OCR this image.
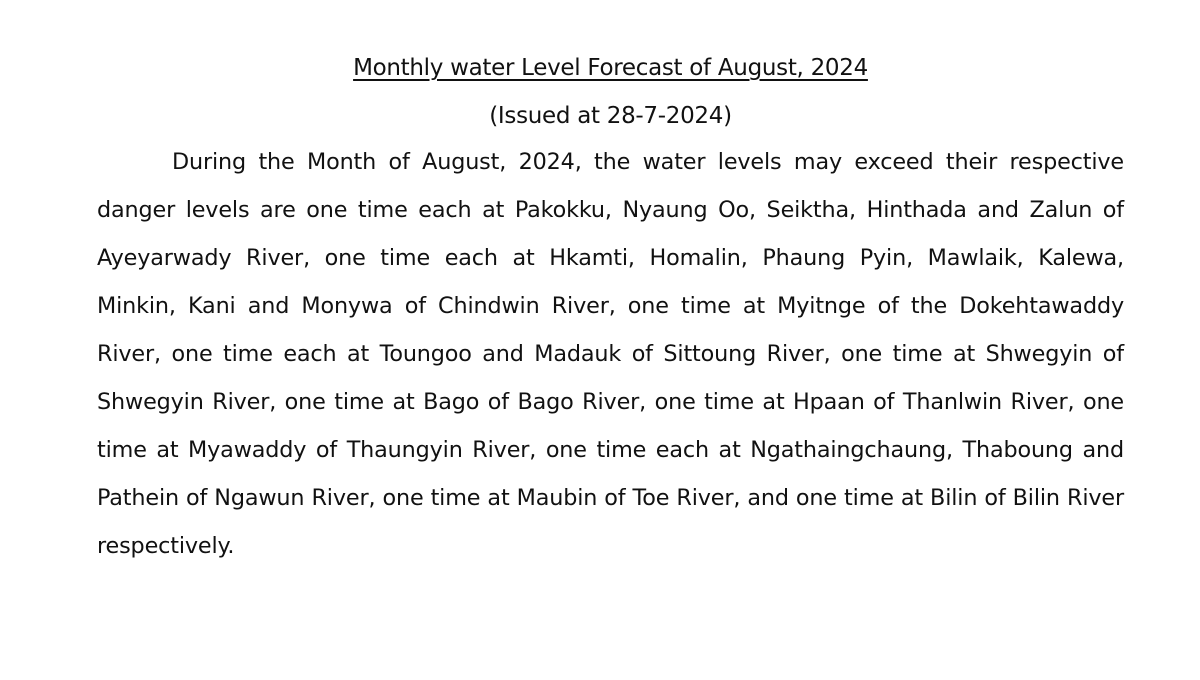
Monthly water Level Forecast of August, 2024
(Issued at 28-7-2024)

During the Month of August, 2024, the water levels may exceed their respective danger levels are one time each at Pakokku, Nyaung Oo, Seiktha, Hinthada and Zalun of Ayeyarwady River, one time each at Hkamti, Homalin, Phaung Pyin, Mawlaik, Kalewa, Minkin, Kani and Monywa of Chindwin River, one time at Myitnge of the Dokehtawaddy River, one time each at Toungoo and Madauk of Sittoung River, one time at Shwegyin of Shwegyin River, one time at Bago of Bago River, one time at Hpaan of Thanlwin River, one time at Myawaddy of Thaungyin River, one time each at Ngathaingchaung, Thaboung and Pathein of Ngawun River, one time at Maubin of Toe River, and one time at Bilin of Bilin River respectively.
